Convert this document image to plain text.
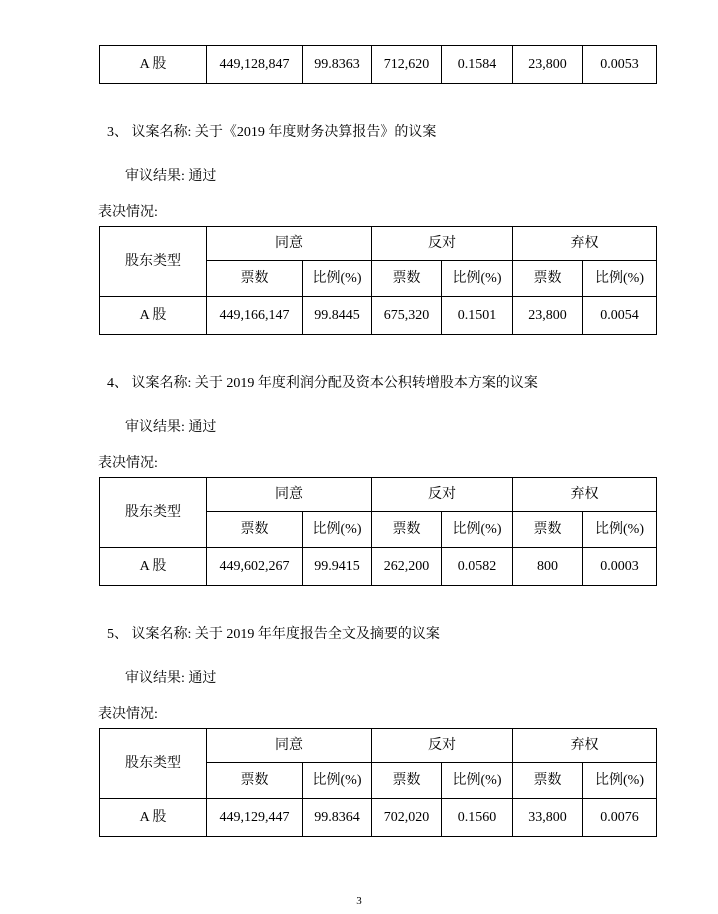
A 股	449,128,847	99.8363	712,620	0.1584	23,800	0.0053

3、 议案名称: 关于《2019 年度财务决算报告》的议案

审议结果: 通过

表决情况:

股东类型	同意		反对		弃权	
	票数	比例(%)	票数	比例(%)	票数	比例(%)
A 股	449,166,147	99.8445	675,320	0.1501	23,800	0.0054

4、 议案名称: 关于 2019 年度利润分配及资本公积转增股本方案的议案

审议结果: 通过

表决情况:

股东类型	同意		反对		弃权	
	票数	比例(%)	票数	比例(%)	票数	比例(%)
A 股	449,602,267	99.9415	262,200	0.0582	800	0.0003

5、 议案名称: 关于 2019 年年度报告全文及摘要的议案

审议结果: 通过

表决情况:

股东类型	同意		反对		弃权	
	票数	比例(%)	票数	比例(%)	票数	比例(%)
A 股	449,129,447	99.8364	702,020	0.1560	33,800	0.0076
3
